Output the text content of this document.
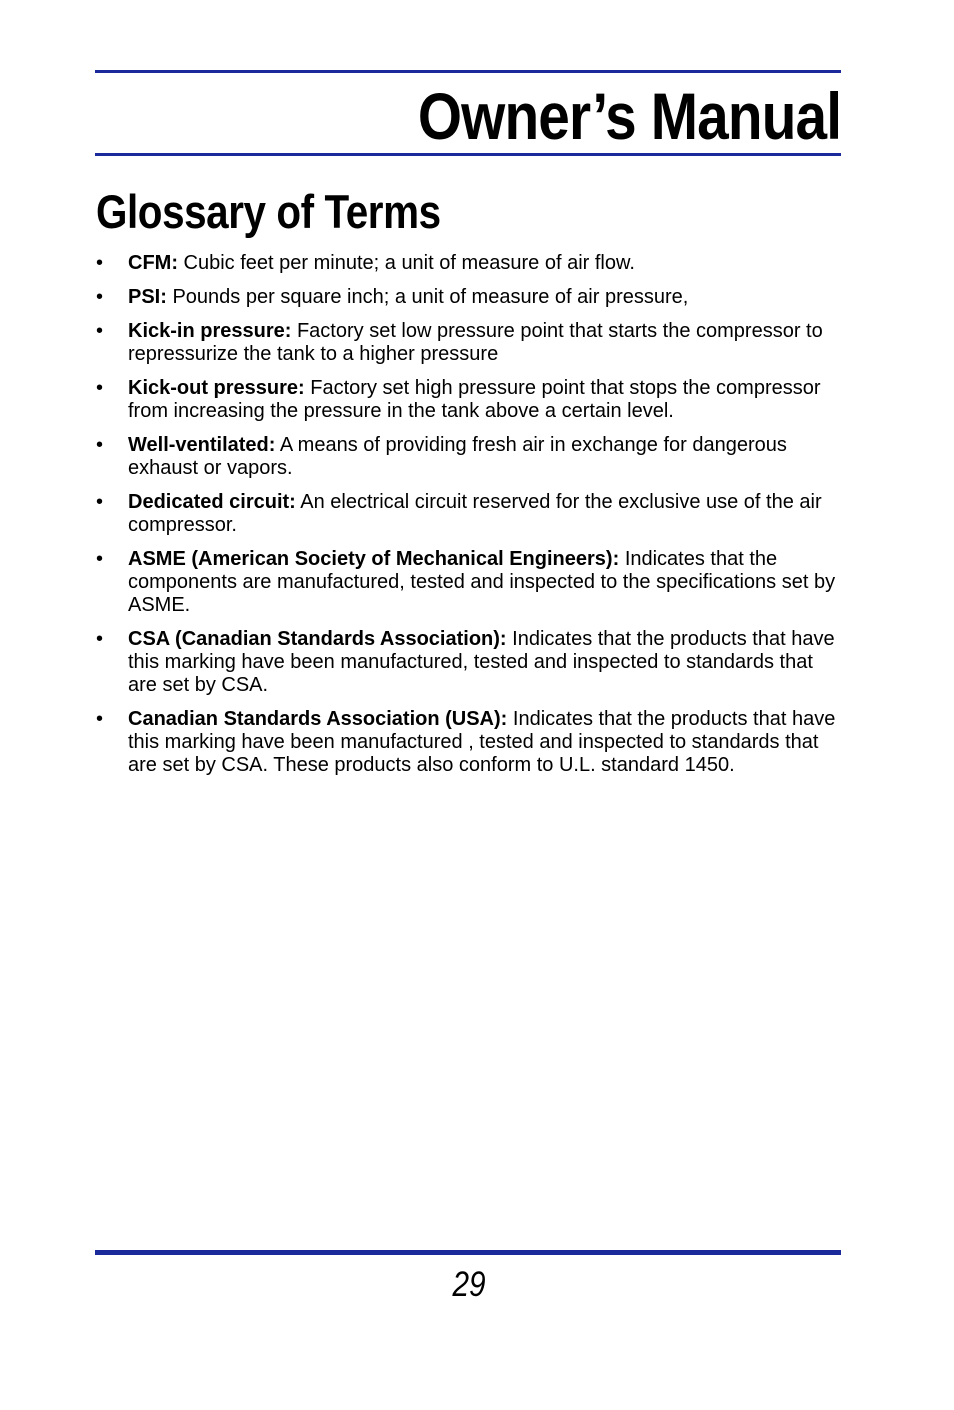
Owner’s Manual
Glossary of Terms
•	CFM: Cubic feet per minute; a unit of measure of air flow.
•	PSI: Pounds per square inch; a unit of measure of air pressure,
•	Kick-in pressure: Factory set low pressure point that starts the compressor to repressurize the tank to a higher pressure
•	Kick-out pressure: Factory set high pressure point that stops the compressor from increasing the pressure in the tank above a certain level.
•	Well-ventilated: A means of providing fresh air in exchange for dangerous exhaust or vapors.
•	Dedicated circuit: An electrical circuit reserved for the exclusive use of the air compressor.
•	ASME (American Society of Mechanical Engineers): Indicates that the components are manufactured, tested and inspected to the specifications set by ASME.
•	CSA (Canadian Standards Association): Indicates that the products that have this marking have been manufactured, tested and inspected to standards that are set by CSA.
•	Canadian Standards Association (USA): Indicates that the products that have this marking have been manufactured , tested and inspected to standards that are set by CSA. These products also conform to U.L. standard 1450.
29
